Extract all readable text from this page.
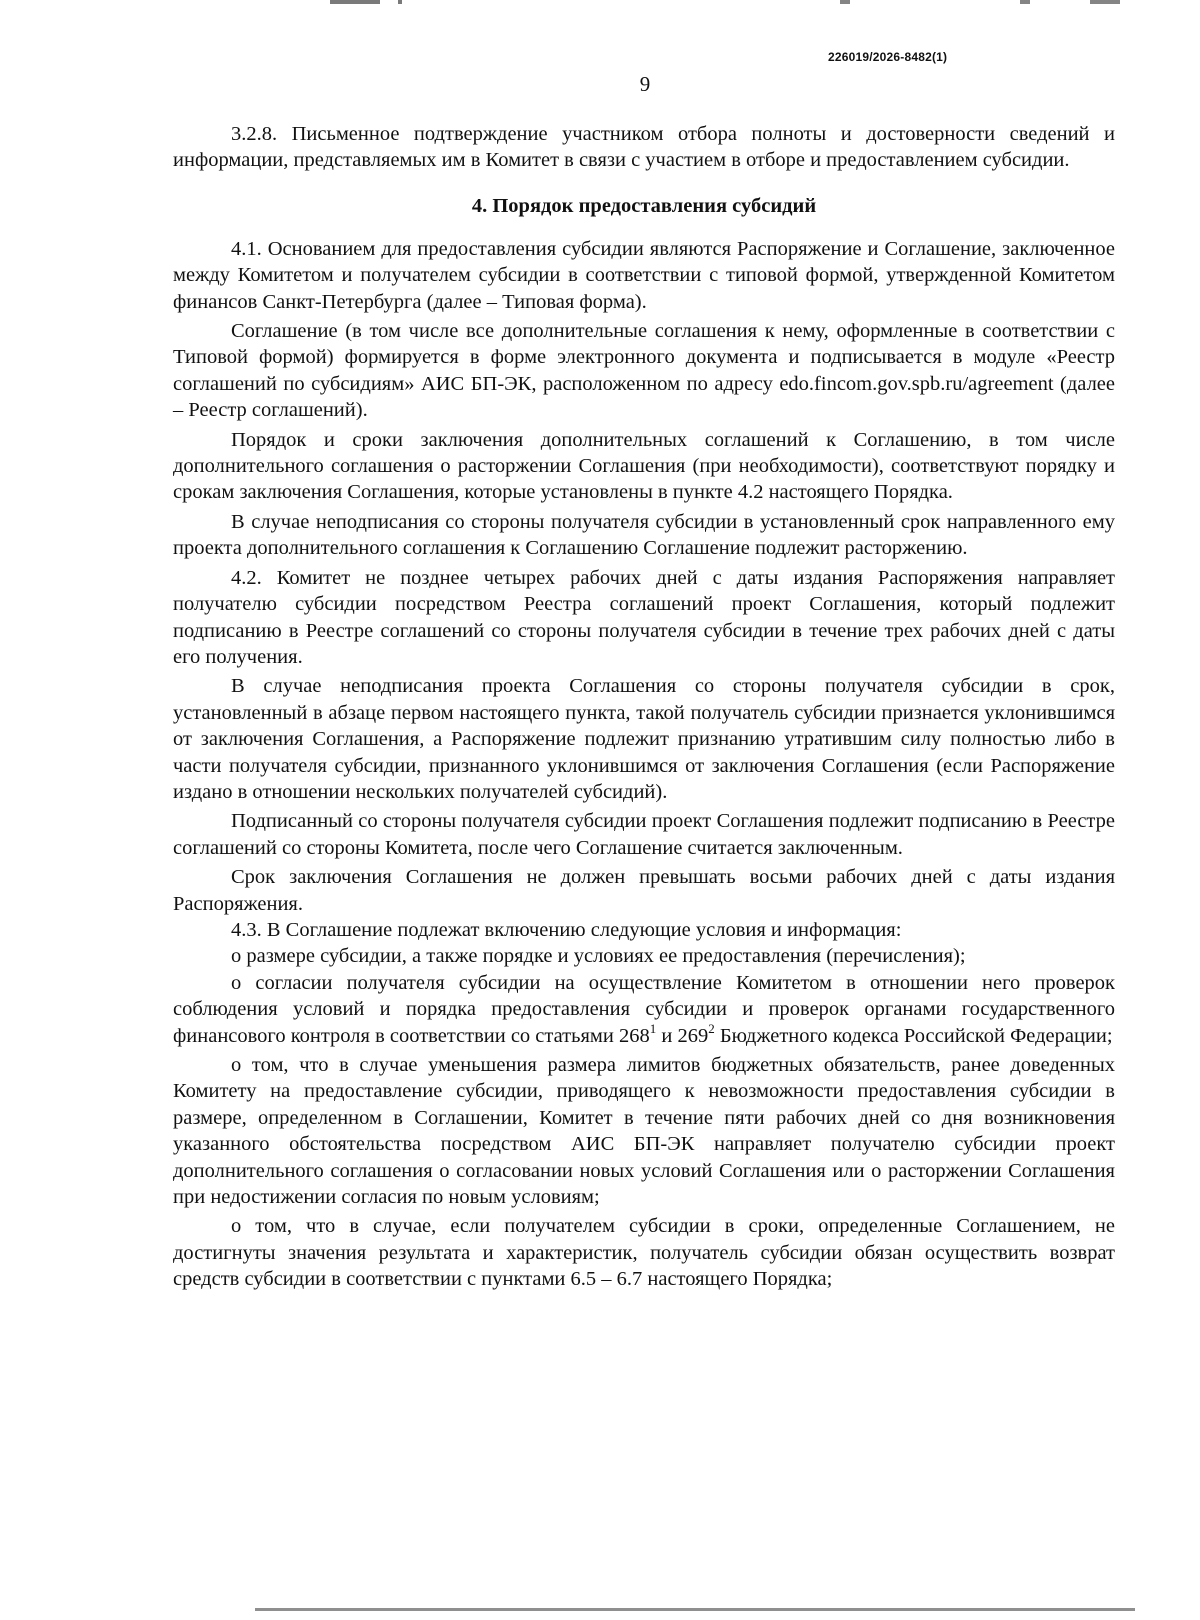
226019/2026-8482(1)
9

3.2.8. Письменное подтверждение участником отбора полноты и достоверности сведений и информации, представляемых им в Комитет в связи с участием в отборе и предоставлением субсидии.

4. Порядок предоставления субсидий

4.1. Основанием для предоставления субсидии являются Распоряжение и Соглашение, заключенное между Комитетом и получателем субсидии в соответствии с типовой формой, утвержденной Комитетом финансов Санкт-Петербурга (далее – Типовая форма).

Соглашение (в том числе все дополнительные соглашения к нему, оформленные в соответствии с Типовой формой) формируется в форме электронного документа и подписывается в модуле «Реестр соглашений по субсидиям» АИС БП-ЭК, расположенном по адресу edo.fincom.gov.spb.ru/agreement (далее – Реестр соглашений).

Порядок и сроки заключения дополнительных соглашений к Соглашению, в том числе дополнительного соглашения о расторжении Соглашения (при необходимости), соответствуют порядку и срокам заключения Соглашения, которые установлены в пункте 4.2 настоящего Порядка.

В случае неподписания со стороны получателя субсидии в установленный срок направленного ему проекта дополнительного соглашения к Соглашению Соглашение подлежит расторжению.

4.2. Комитет не позднее четырех рабочих дней с даты издания Распоряжения направляет получателю субсидии посредством Реестра соглашений проект Соглашения, который подлежит подписанию в Реестре соглашений со стороны получателя субсидии в течение трех рабочих дней с даты его получения.

В случае неподписания проекта Соглашения со стороны получателя субсидии в срок, установленный в абзаце первом настоящего пункта, такой получатель субсидии признается уклонившимся от заключения Соглашения, а Распоряжение подлежит признанию утратившим силу полностью либо в части получателя субсидии, признанного уклонившимся от заключения Соглашения (если Распоряжение издано в отношении нескольких получателей субсидий).

Подписанный со стороны получателя субсидии проект Соглашения подлежит подписанию в Реестре соглашений со стороны Комитета, после чего Соглашение считается заключенным.

Срок заключения Соглашения не должен превышать восьми рабочих дней с даты издания Распоряжения.

4.3. В Соглашение подлежат включению следующие условия и информация:

о размере субсидии, а также порядке и условиях ее предоставления (перечисления);

о согласии получателя субсидии на осуществление Комитетом в отношении него проверок соблюдения условий и порядка предоставления субсидии и проверок органами государственного финансового контроля в соответствии со статьями $268^1$ и $269^2$ Бюджетного кодекса Российской Федерации;

о том, что в случае уменьшения размера лимитов бюджетных обязательств, ранее доведенных Комитету на предоставление субсидии, приводящего к невозможности предоставления субсидии в размере, определенном в Соглашении, Комитет в течение пяти рабочих дней со дня возникновения указанного обстоятельства посредством АИС БП-ЭК направляет получателю субсидии проект дополнительного соглашения о согласовании новых условий Соглашения или о расторжении Соглашения при недостижении согласия по новым условиям;

о том, что в случае, если получателем субсидии в сроки, определенные Соглашением, не достигнуты значения результата и характеристик, получатель субсидии обязан осуществить возврат средств субсидии в соответствии с пунктами 6.5 – 6.7 настоящего Порядка;
